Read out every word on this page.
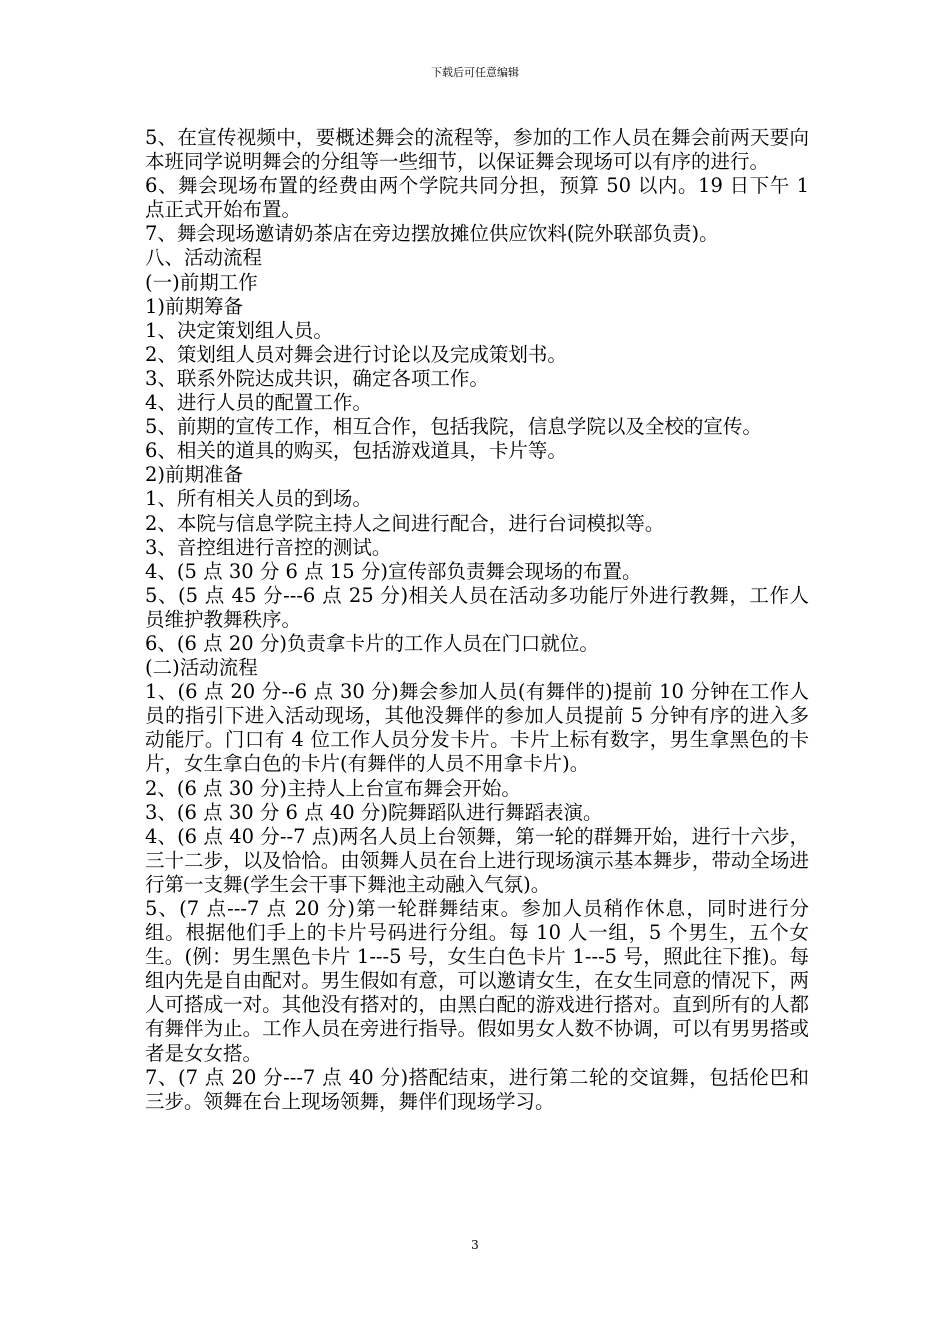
下载后可任意编辑

5、在宣传视频中，要概述舞会的流程等，参加的工作人员在舞会前两天要向本班同学说明舞会的分组等一些细节，以保证舞会现场可以有序的进行。

6、舞会现场布置的经费由两个学院共同分担，预算 50 以内。19 日下午 1 点正式开始布置。

7、舞会现场邀请奶茶店在旁边摆放摊位供应饮料(院外联部负责)。

八、活动流程

(一)前期工作

1)前期筹备

1、决定策划组人员。

2、策划组人员对舞会进行讨论以及完成策划书。

3、联系外院达成共识，确定各项工作。

4、进行人员的配置工作。

5、前期的宣传工作，相互合作，包括我院，信息学院以及全校的宣传。

6、相关的道具的购买，包括游戏道具，卡片等。

2)前期准备

1、所有相关人员的到场。

2、本院与信息学院主持人之间进行配合，进行台词模拟等。

3、音控组进行音控的测试。

4、(5 点 30 分 6 点 15 分)宣传部负责舞会现场的布置。

5、(5 点 45 分---6 点 25 分)相关人员在活动多功能厅外进行教舞，工作人员维护教舞秩序。

6、(6 点 20 分)负责拿卡片的工作人员在门口就位。

(二)活动流程

1、(6 点 20 分--6 点 30 分)舞会参加人员(有舞伴的)提前 10 分钟在工作人员的指引下进入活动现场，其他没舞伴的参加人员提前 5 分钟有序的进入多动能厅。门口有 4 位工作人员分发卡片。卡片上标有数字，男生拿黑色的卡片，女生拿白色的卡片(有舞伴的人员不用拿卡片)。

2、(6 点 30 分)主持人上台宣布舞会开始。

3、(6 点 30 分 6 点 40 分)院舞蹈队进行舞蹈表演。

4、(6 点 40 分--7 点)两名人员上台领舞，第一轮的群舞开始，进行十六步，三十二步，以及恰恰。由领舞人员在台上进行现场演示基本舞步，带动全场进行第一支舞(学生会干事下舞池主动融入气氛)。

5、(7 点---7 点 20 分)第一轮群舞结束。参加人员稍作休息，同时进行分组。根据他们手上的卡片号码进行分组。每 10 人一组，5 个男生，五个女生。(例：男生黑色卡片 1---5 号，女生白色卡片 1---5 号，照此往下推)。每组内先是自由配对。男生假如有意，可以邀请女生，在女生同意的情况下，两人可搭成一对。其他没有搭对的，由黑白配的游戏进行搭对。直到所有的人都有舞伴为止。工作人员在旁进行指导。假如男女人数不协调，可以有男男搭或者是女女搭。

7、(7 点 20 分---7 点 40 分)搭配结束，进行第二轮的交谊舞，包括伦巴和三步。领舞在台上现场领舞，舞伴们现场学习。

3
